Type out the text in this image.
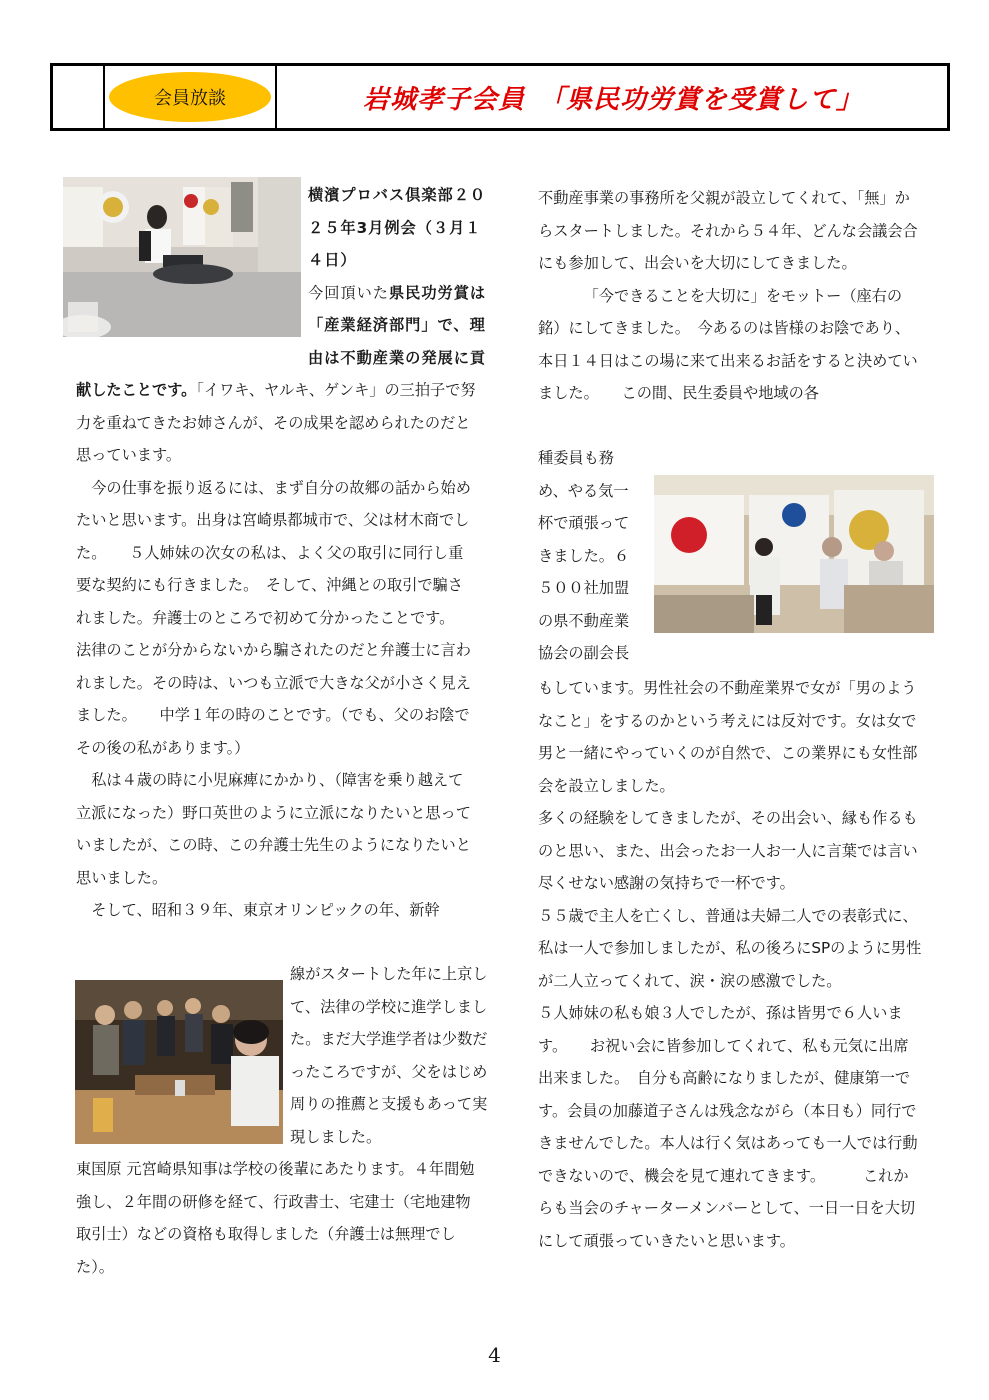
会員放談	岩城孝子会員　「県民功労賞を受賞して」

横濱プロバス倶楽部２０

２５年3月例会（３月１

４日）

今回頂いた県民功労賞は

「産業経済部門」で、理

由は不動産業の発展に貢

献したことです。「イワキ、ヤルキ、ゲンキ」の三拍子で努力を重ねてきたお姉さんが、その成果を認められたのだと思っています。

今の仕事を振り返るには、まず自分の故郷の話から始めたいと思います。出身は宮崎県都城市で、父は材木商でした。　　５人姉妹の次女の私は、よく父の取引に同行し重要な契約にも行きました。　そして、沖縄との取引で騙されました。弁護士のところで初めて分かったことです。　　法律のことが分からないから騙されたのだと弁護士に言われました。その時は、いつも立派で大きな父が小さく見えました。　　中学１年の時のことです。（でも、父のお陰でその後の私があります。）

私は４歳の時に小児麻痺にかかり、（障害を乗り越えて立派になった）野口英世のように立派になりたいと思っていましたが、この時、この弁護士先生のようになりたいと思いました。

そして、昭和３９年、東京オリンピックの年、新幹

線がスタートした年に上京して、法律の学校に進学しました。まだ大学進学者は少数だったころですが、父をはじめ周りの推薦と支援もあって実現しました。

東国原 元宮崎県知事は学校の後輩にあたります。４年間勉強し、２年間の研修を経て、行政書士、宅建士（宅地建物取引士）などの資格も取得しました（弁護士は無理でした）。

不動産事業の事務所を父親が設立してくれて、「無」からスタートしました。それから５４年、どんな会議会合にも参加して、出会いを大切にしてきました。

「今できることを大切に」をモットー（座右の銘）にしてきました。　今あるのは皆様のお陰であり、本日１４日はこの場に来て出来るお話をすると決めていました。　　この間、民生委員や地域の各

種委員も務

め、やる気一

杯で頑張って

きました。６

５００社加盟

の県不動産業

協会の副会長

もしています。男性社会の不動産業界で女が「男のようなこと」をするのかという考えには反対です。女は女で男と一緒にやっていくのが自然で、この業界にも女性部会を設立しました。

多くの経験をしてきましたが、その出会い、縁も作るものと思い、また、出会ったお一人お一人に言葉では言い尽くせない感謝の気持ちで一杯です。

５５歳で主人を亡くし、普通は夫婦二人での表彰式に、私は一人で参加しましたが、私の後ろにSPのように男性が二人立ってくれて、涙・涙の感激でした。

５人姉妹の私も娘３人でしたが、孫は皆男で６人います。　　お祝い会に皆参加してくれて、私も元気に出席出来ました。　自分も高齢になりましたが、健康第一です。会員の加藤道子さんは残念ながら（本日も）同行できませんでした。本人は行く気はあっても一人では行動できないので、機会を見て連れてきます。　　　これからも当会のチャーターメンバーとして、一日一日を大切にして頑張っていきたいと思います。

4
